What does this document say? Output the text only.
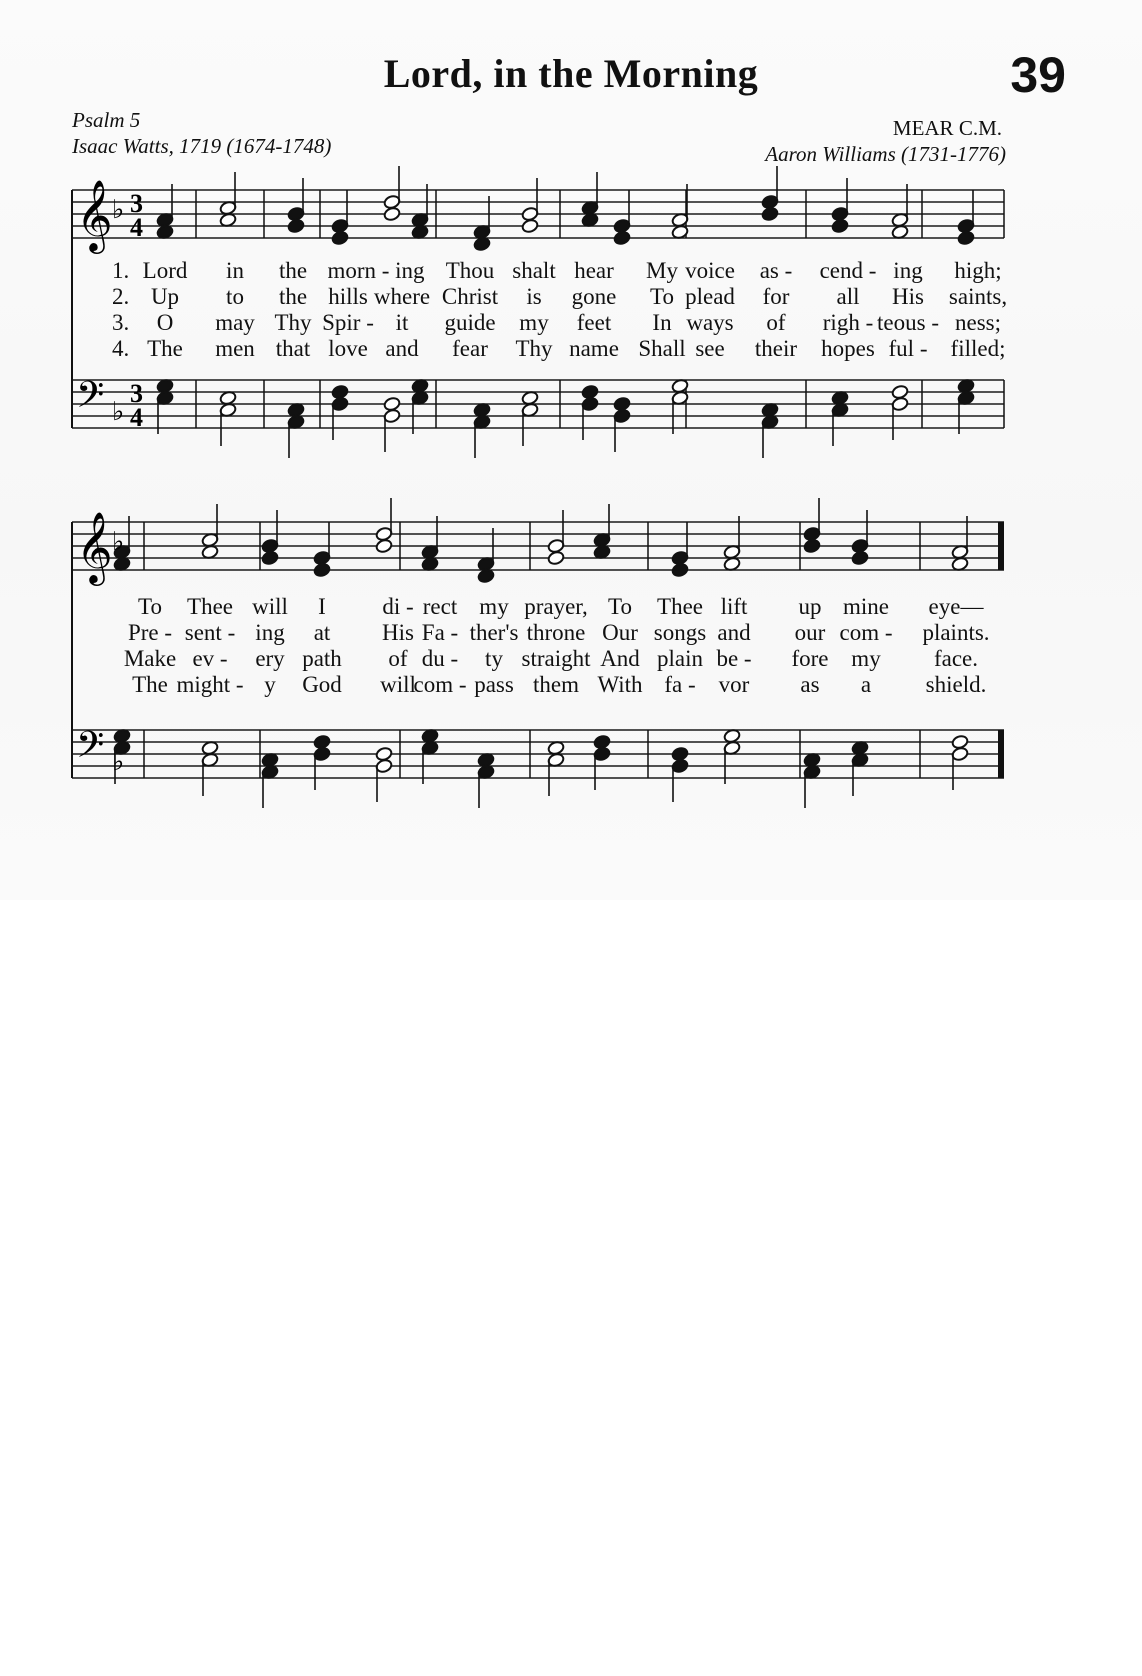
Lord, in the Morning	39
Psalm 5
Isaac Watts, 1719 (1674-1748)
MEAR C.M.
Aaron Williams (1731-1776)
𝄞
𝄢
♭
♭
3
4
3
4
𝄞
𝄢
♭
♭
1.
2.
3.
4.
Lord in the morn - ing Thou shalt hear My voice as - cend - ing high;
Up to the hills where Christ is gone To plead for all His saints,
O may Thy Spir - it guide my feet In ways of righ - teous - ness;
The men that love and fear Thy name Shall see their hopes ful - filled;
To Thee will I di - rect my prayer, To Thee lift up mine eye—
Pre - sent - ing at His Fa - ther's throne Our songs and our com - plaints.
Make ev - ery path of du - ty straight And plain be - fore my face.
The might - y God will
com - pass them With fa - vor as a shield.
